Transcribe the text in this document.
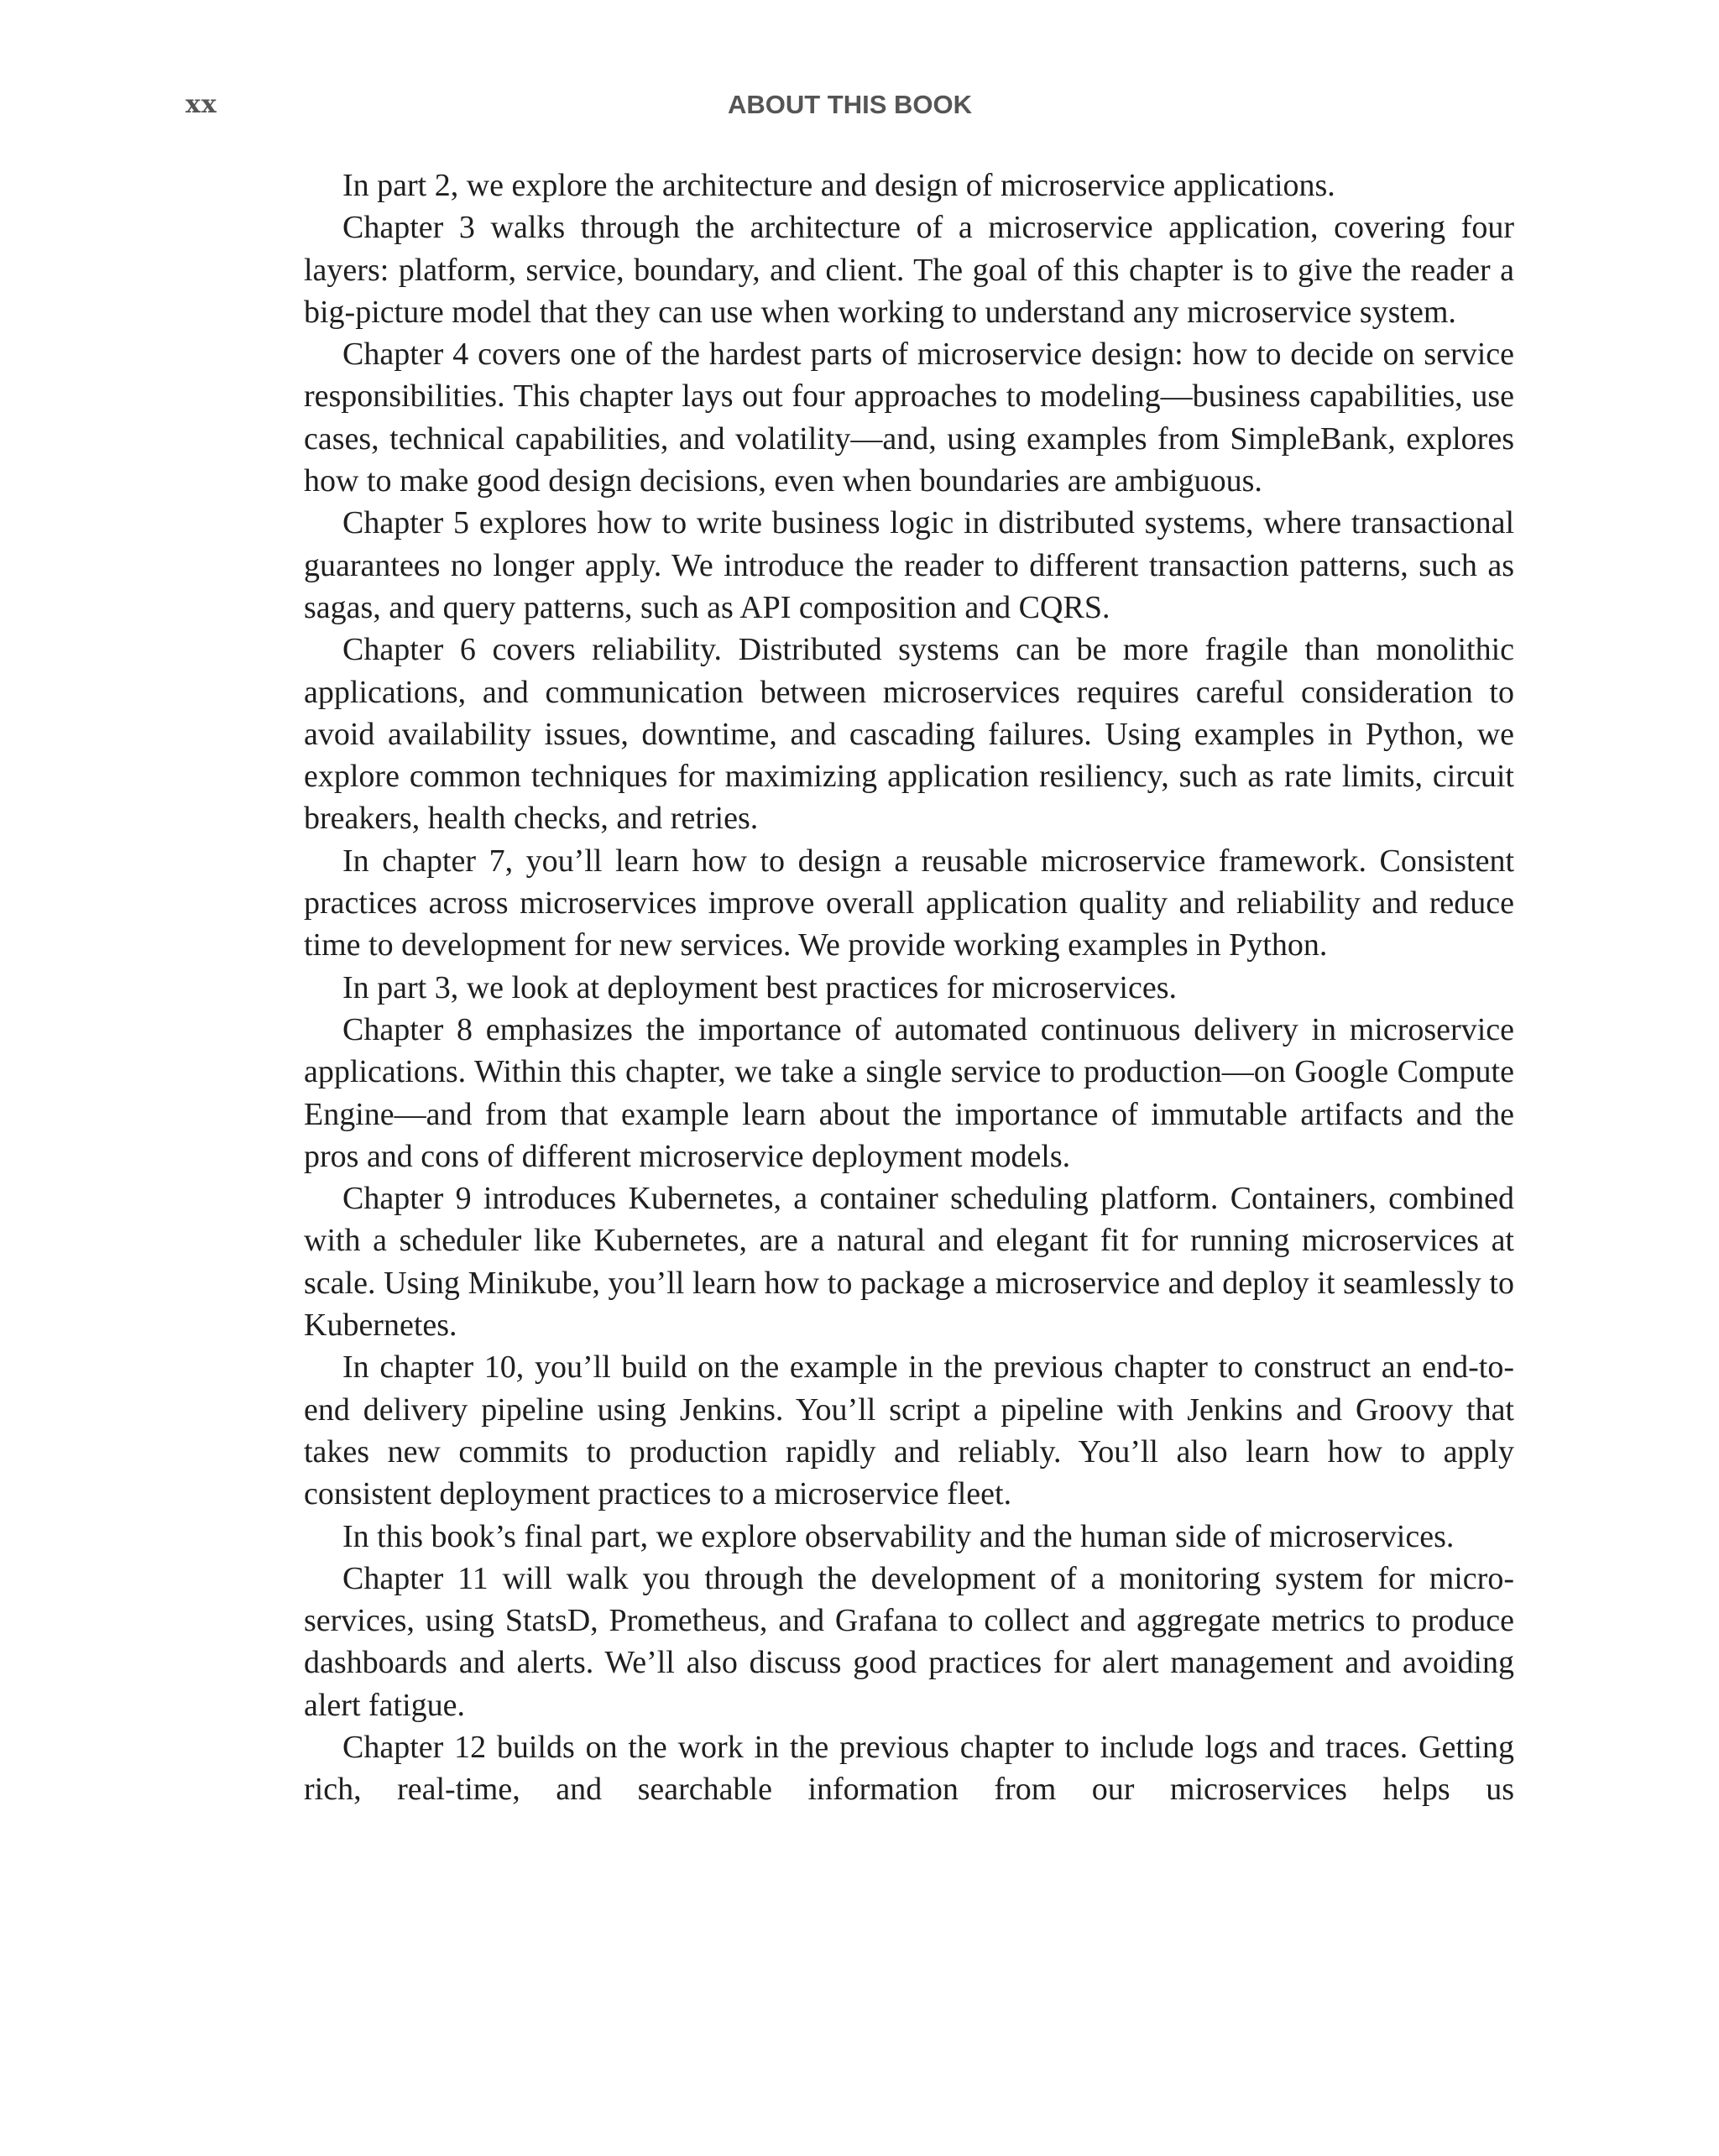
xx	ABOUT THIS BOOK

In part 2, we explore the architecture and design of microservice applications.

Chapter 3 walks through the architecture of a microservice application, covering four layers: platform, service, boundary, and client. The goal of this chapter is to give the reader a big-picture model that they can use when working to understand any microservice system.

Chapter 4 covers one of the hardest parts of microservice design: how to decide on service responsibilities. This chapter lays out four approaches to modeling—business capabilities, use cases, technical capabilities, and volatility—and, using examples from SimpleBank, explores how to make good design decisions, even when boundaries are ambiguous.

Chapter 5 explores how to write business logic in distributed systems, where transactional guarantees no longer apply. We introduce the reader to different transaction patterns, such as sagas, and query patterns, such as API composition and CQRS.

Chapter 6 covers reliability. Distributed systems can be more fragile than monolithic applications, and communication between microservices requires careful consideration to avoid availability issues, downtime, and cascading failures. Using examples in Python, we explore common techniques for maximizing application resiliency, such as rate limits, circuit breakers, health checks, and retries.

In chapter 7, you’ll learn how to design a reusable microservice framework. Consistent practices across microservices improve overall application quality and reliability and reduce time to development for new services. We provide working examples in Python.

In part 3, we look at deployment best practices for microservices.

Chapter 8 emphasizes the importance of automated continuous delivery in microservice applications. Within this chapter, we take a single service to production—on Google Compute Engine—and from that example learn about the importance of immutable artifacts and the pros and cons of different microservice deployment models.

Chapter 9 introduces Kubernetes, a container scheduling platform. Containers, combined with a scheduler like Kubernetes, are a natural and elegant fit for running microservices at scale. Using Minikube, you’ll learn how to package a microservice and deploy it seamlessly to Kubernetes.

In chapter 10, you’ll build on the example in the previous chapter to construct an end-to-end delivery pipeline using Jenkins. You’ll script a pipeline with Jenkins and Groovy that takes new commits to production rapidly and reliably. You’ll also learn how to apply consistent deployment practices to a microservice fleet.

In this book’s final part, we explore observability and the human side of microservices.

Chapter 11 will walk you through the development of a monitoring system for microservices, using StatsD, Prometheus, and Grafana to collect and aggregate metrics to produce dashboards and alerts. We’ll also discuss good practices for alert management and avoiding alert fatigue.

Chapter 12 builds on the work in the previous chapter to include logs and traces. Getting rich, real-time, and searchable information from our microservices helps us
